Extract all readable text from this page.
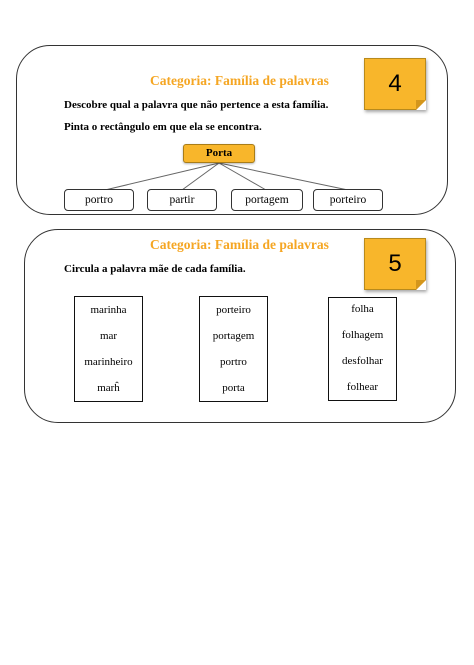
Categoria: Família de palavras
Descobre qual a palavra que não pertence a esta família.
Pinta o rectângulo em que ela se encontra.
4
Porta
portro	partir	portagem	porteiro
Categoria: Família de palavras
Circula a palavra mãe de cada família.	5
marinha
mar
marinheiro
marĥ
porteiro
portagem
portro
porta
folha
folhagem
desfolhar
folhear
